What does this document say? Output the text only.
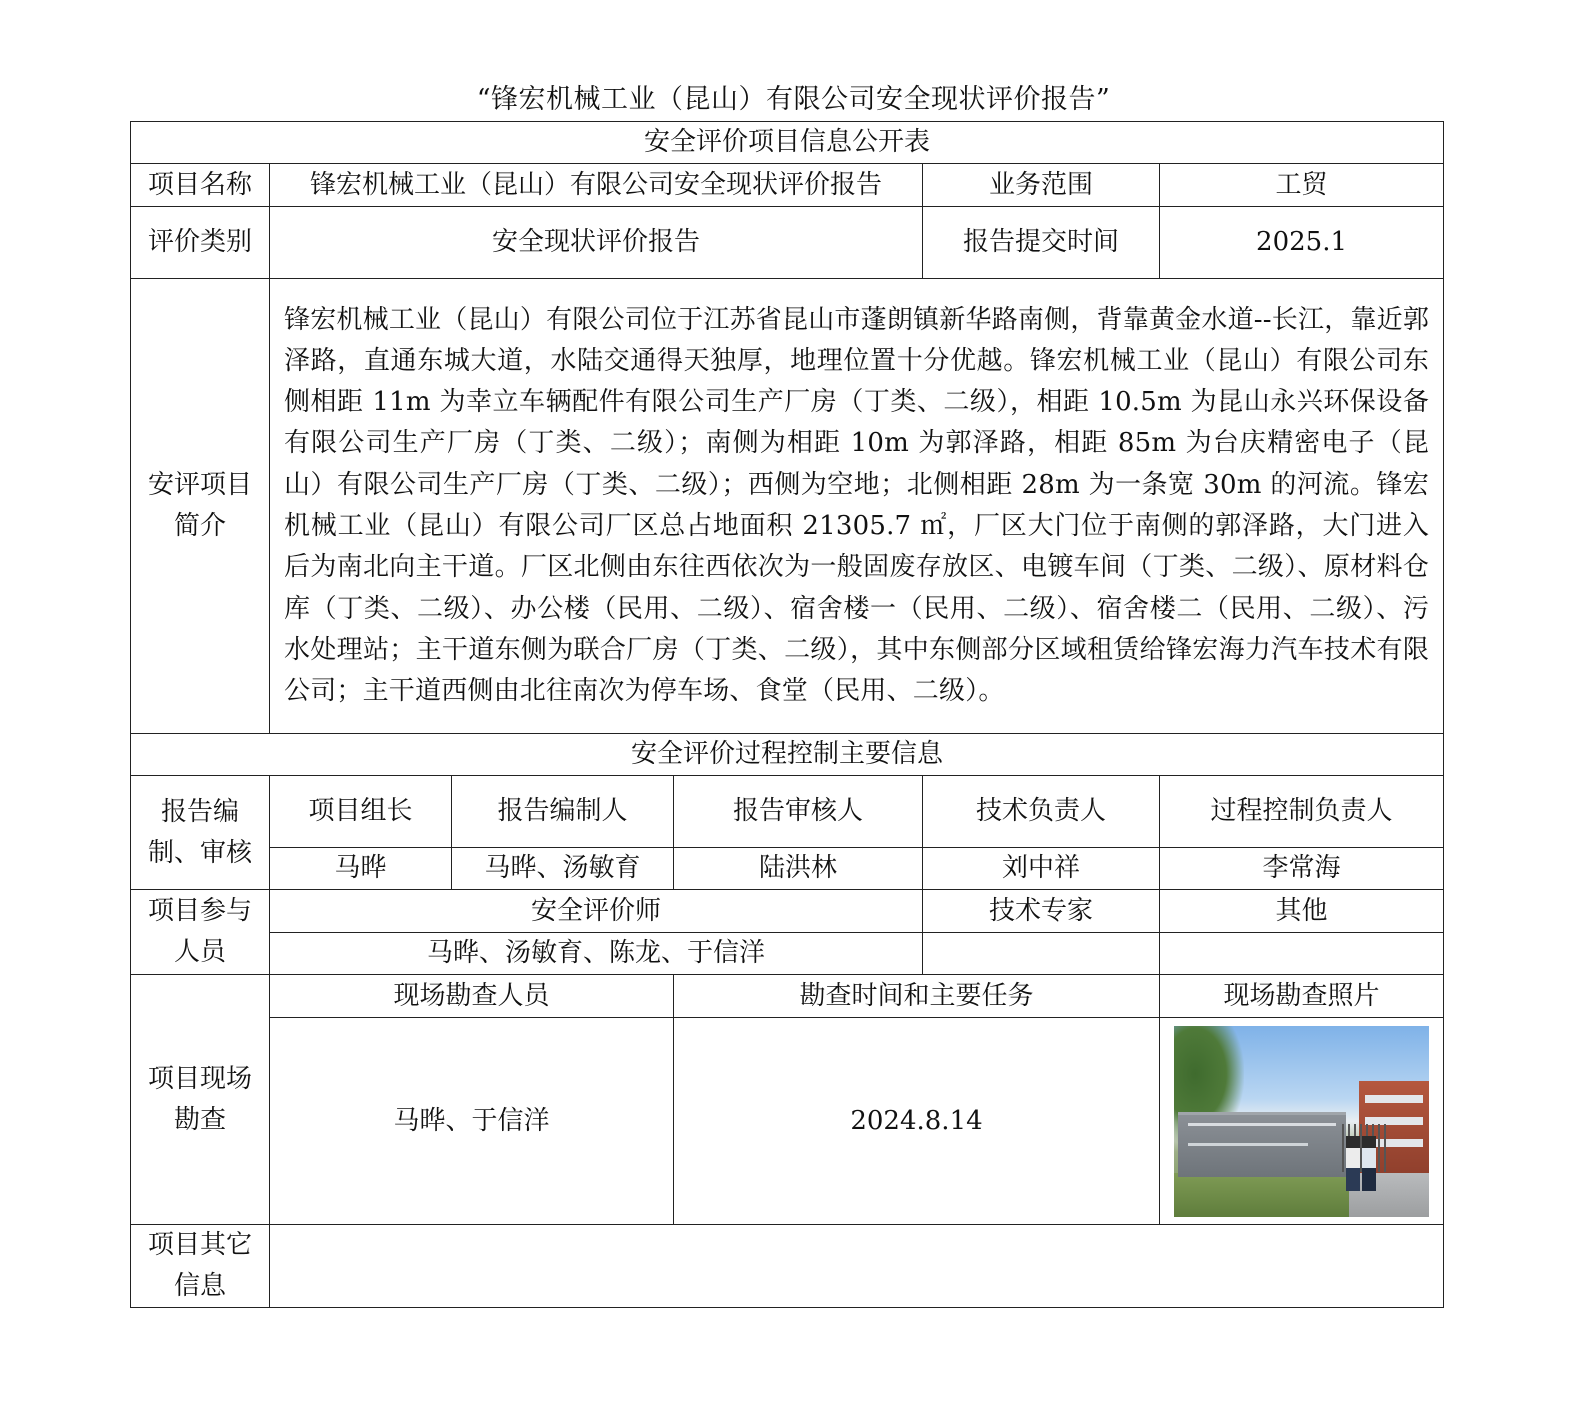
“锋宏机械工业（昆山）有限公司安全现状评价报告”
安全评价项目信息公开表					
项目名称	锋宏机械工业（昆山）有限公司安全现状评价报告			业务范围	工贸
评价类别	安全现状评价报告			报告提交时间	2025.1

安评项目
简介	锋宏机械工业（昆山）有限公司位于江苏省昆山市蓬朗镇新华路南侧，背靠黄金水道--长江，靠近郭泽路，直通东城大道，水陆交通得天独厚，地理位置十分优越。锋宏机械工业（昆山）有限公司东侧相距 11m 为幸立车辆配件有限公司生产厂房（丁类、二级），相距 10.5m 为昆山永兴环保设备有限公司生产厂房（丁类、二级）；南侧为相距 10m 为郭泽路，相距 85m 为台庆精密电子（昆山）有限公司生产厂房（丁类、二级）；西侧为空地；北侧相距 28m 为一条宽 30m 的河流。锋宏机械工业（昆山）有限公司厂区总占地面积 21305.7 ㎡，厂区大门位于南侧的郭泽路，大门进入后为南北向主干道。厂区北侧由东往西依次为一般固废存放区、电镀车间（丁类、二级）、原材料仓库（丁类、二级）、办公楼（民用、二级）、宿舍楼一（民用、二级）、宿舍楼二（民用、二级）、污水处理站；主干道东侧为联合厂房（丁类、二级），其中东侧部分区域租赁给锋宏海力汽车技术有限公司；主干道西侧由北往南次为停车场、食堂（民用、二级）。				
安全评价过程控制主要信息					

报告编
制、审核	项目组长	报告编制人	报告审核人	技术负责人	过程控制负责人
	马晔	马晔、汤敏育	陆洪林	刘中祥	李常海

项目参与
人员	安全评价师			技术专家	其他
	马晔、汤敏育、陈龙、于信洋				

项目现场
勘查	现场勘查人员		勘查时间和主要任务		现场勘查照片
	马晔、于信洋		2024.8.14		

项目其它
信息					
